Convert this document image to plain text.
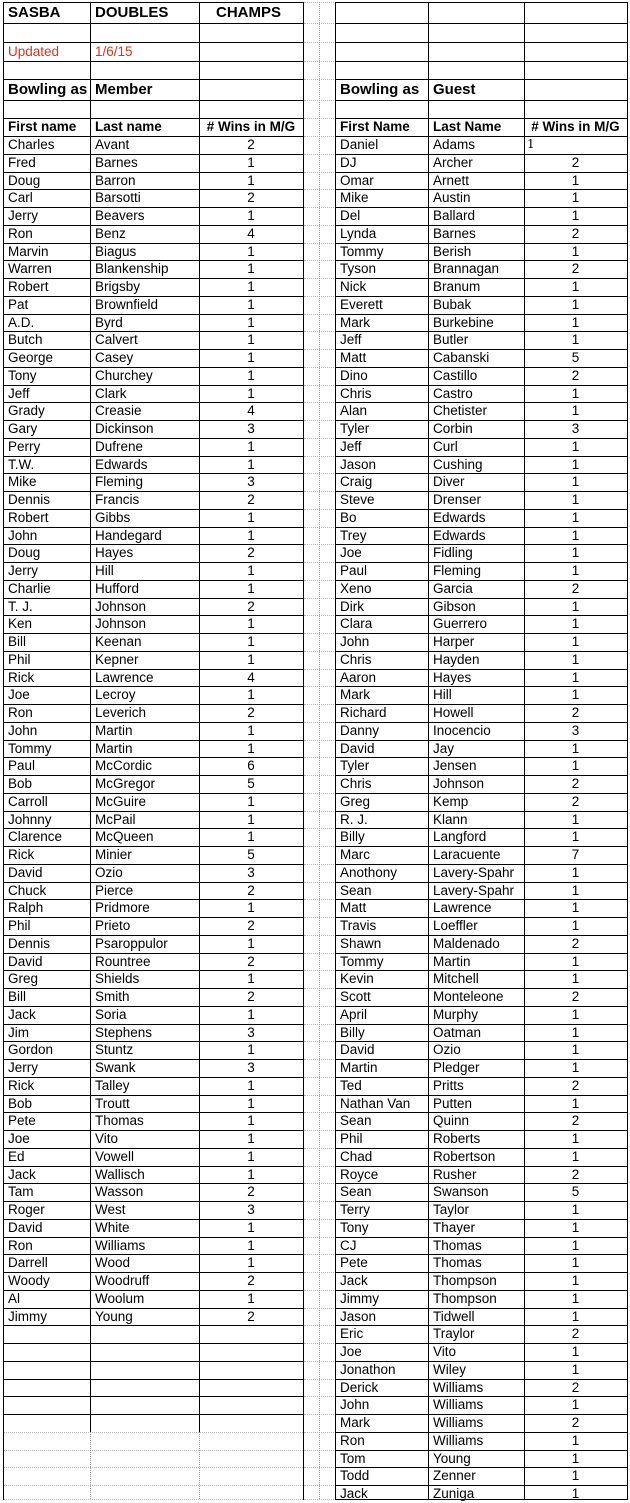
SASBA	DOUBLES	CHAMPS
Updated	1/6/15
Bowling as Member	Bowling as Guest
First name	Last name	# Wins in M/G	First Name	Last Name	# Wins in M/G
Charles	Avant	2
Fred	Barnes	1
Doug	Barron	1
Carl	Barsotti	2
Jerry	Beavers	1
Ron	Benz	4
Marvin	Biagus	1
Warren	Blankenship	1
Robert	Brigsby	1
Pat	Brownfield	1
A.D.	Byrd	1
Butch	Calvert	1
George	Casey	1
Tony	Churchey	1
Jeff	Clark	1
Grady	Creasie	4
Gary	Dickinson	3
Perry	Dufrene	1
T.W.	Edwards	1
Mike	Fleming	3
Dennis	Francis	2
Robert	Gibbs	1
John	Handegard	1
Doug	Hayes	2
Jerry	Hill	1
Charlie	Hufford	1
T. J.	Johnson	2
Ken	Johnson	1
Bill	Keenan	1
Phil	Kepner	1
Rick	Lawrence	4
Joe	Lecroy	1
Ron	Leverich	2
John	Martin	1
Tommy	Martin	1
Paul	McCordic	6
Bob	McGregor	5
Carroll	McGuire	1
Johnny	McPail	1
Clarence	McQueen	1
Rick	Minier	5
David	Ozio	3
Chuck	Pierce	2
Ralph	Pridmore	1
Phil	Prieto	2
Dennis	Psaroppulor	1
David	Rountree	2
Greg	Shields	1
Bill	Smith	2
Jack	Soria	1
Jim	Stephens	3
Gordon	Stuntz	1
Jerry	Swank	3
Rick	Talley	1
Bob	Troutt	1
Pete	Thomas	1
Joe	Vito	1
Ed	Vowell	1
Jack	Wallisch	1
Tam	Wasson	2
Roger	West	3
David	White	1
Ron	Williams	1
Darrell	Wood	1
Woody	Woodruff	2
Al	Woolum	1
Jimmy	Young	2
Daniel	Adams	1
DJ	Archer	2
Omar	Arnett	1
Mike	Austin	1
Del	Ballard	1
Lynda	Barnes	2
Tommy	Berish	1
Tyson	Brannagan	2
Nick	Branum	1
Everett	Bubak	1
Mark	Burkebine	1
Jeff	Butler	1
Matt	Cabanski	5
Dino	Castillo	2
Chris	Castro	1
Alan	Chetister	1
Tyler	Corbin	3
Jeff	Curl	1
Jason	Cushing	1
Craig	Diver	1
Steve	Drenser	1
Bo	Edwards	1
Trey	Edwards	1
Joe	Fidling	1
Paul	Fleming	1
Xeno	Garcia	2
Dirk	Gibson	1
Clara	Guerrero	1
John	Harper	1
Chris	Hayden	1
Aaron	Hayes	1
Mark	Hill	1
Richard	Howell	2
Danny	Inocencio	3
David	Jay	1
Tyler	Jensen	1
Chris	Johnson	2
Greg	Kemp	2
R. J.	Klann	1
Billy	Langford	1
Marc	Laracuente	7
Anothony	Lavery-Spahr	1
Sean	Lavery-Spahr	1
Matt	Lawrence	1
Travis	Loeffler	1
Shawn	Maldenado	2
Tommy	Martin	1
Kevin	Mitchell	1
Scott	Monteleone	2
April	Murphy	1
Billy	Oatman	1
David	Ozio	1
Martin	Pledger	1
Ted	Pritts	2
Nathan Van	Putten	1
Sean	Quinn	2
Phil	Roberts	1
Chad	Robertson	1
Royce	Rusher	2
Sean	Swanson	5
Terry	Taylor	1
Tony	Thayer	1
CJ	Thomas	1
Pete	Thomas	1
Jack	Thompson	1
Jimmy	Thompson	1
Jason	Tidwell	1
Eric	Traylor	2
Joe	Vito	1
Jonathon	Wiley	1
Derick	Williams	2
John	Williams	1
Mark	Williams	2
Ron	Williams	1
Tom	Young	1
Todd	Zenner	1
Jack	Zuniga	1
